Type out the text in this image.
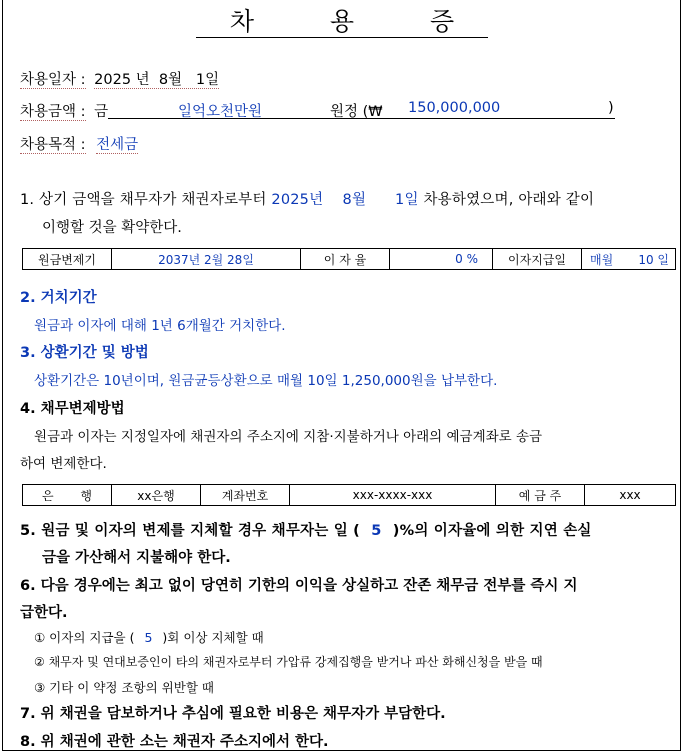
차 용 증
차용일자 : 2025 년  8월   1일
차용금액 : 금	일억오천만원	원정 (₩ 150,000,000	)
차용목적 : 전세금
1. 상기 금액을 채무자가 채권자로부터 2025년    8월      1일 차용하였으며, 아래와 같이
이행할 것을 확약한다.
원금변제기	2037년 2월 28일	이 자 율	0 %	이자지급일	매월 10 일
2. 거치기간
원금과 이자에 대해 1년 6개월간 거치한다.
3. 상환기간 및 방법
상환기간은 10년이며, 원금균등상환으로 매월 10일 1,250,000원을 납부한다.
4. 채무변제방법
원금과 이자는 지정일자에 채권자의 주소지에 지참·지불하거나 아래의 예금계좌로 송금
하여 변제한다.
은       행	xx은행	계좌번호	xxx-xxxx-xxx	예 금 주	xxx
5. 원금 및 이자의 변제를 지체할 경우 채무자는 일 ( 5 )%의 이자율에 의한 지연 손실
금을 가산해서 지불해야 한다.
6. 다음 경우에는 최고 없이 당연히 기한의 이익을 상실하고 잔존 채무금 전부를 즉시 지
급한다.
① 이자의 지급을 ( 5 )회 이상 지체할 때
② 채무자 및 연대보증인이 타의 채권자로부터 가압류 강제집행을 받거나 파산 화해신청을 받을 때
③ 기타 이 약정 조항의 위반할 때
7. 위 채권을 담보하거나 추심에 필요한 비용은 채무자가 부담한다.
8. 위 채권에 관한 소는 채권자 주소지에서 한다.
